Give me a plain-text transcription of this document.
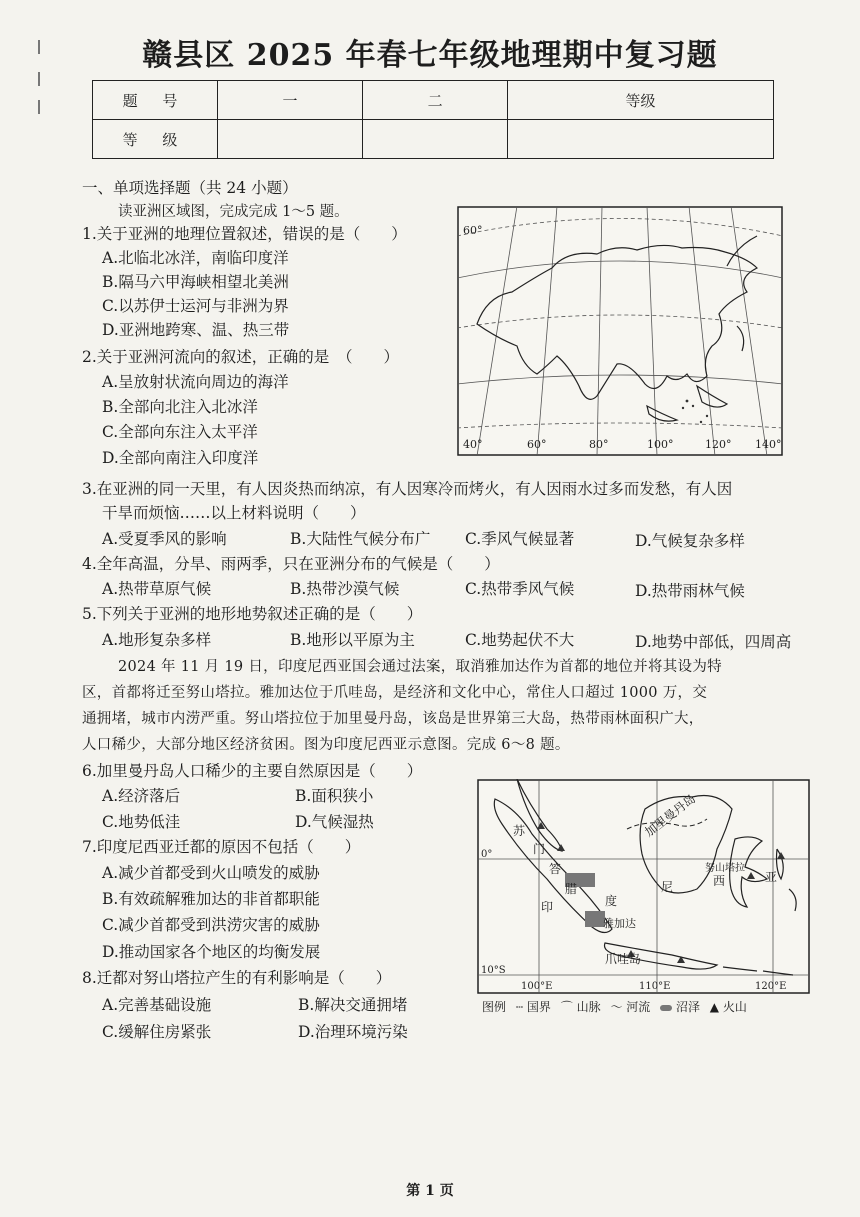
赣县区 2025 年春七年级地理期中复习题
题 号	一	二	等级
等 级			
一、单项选择题（共 24 小题）
读亚洲区域图，完成完成 1～5 题。
1.关于亚洲的地理位置叙述，错误的是（　　）
A.北临北冰洋，南临印度洋
B.隔马六甲海峡相望北美洲
C.以苏伊士运河与非洲为界
D.亚洲地跨寒、温、热三带
2.关于亚洲河流向的叙述，正确的是　（　　）
A.呈放射状流向周边的海洋
B.全部向北注入北冰洋
C.全部向东注入太平洋
D.全部向南注入印度洋
60°
40°	60°	80°	100°	120° 140°
3.在亚洲的同一天里，有人因炎热而纳凉，有人因寒冷而烤火，有人因雨水过多而发愁，有人因
干旱而烦恼……以上材料说明（　　）
A.受夏季风的影响	B.大陆性气候分布广 C.季风气候显著	D.气候复杂多样
4.全年高温，分旱、雨两季，只在亚洲分布的气候是（　　）
A.热带草原气候	B.热带沙漠气候	C.热带季风气候	D.热带雨林气候
5.下列关于亚洲的地形地势叙述正确的是（　　）
A.地形复杂多样	B.地形以平原为主	C.地势起伏不大	D.地势中部低，四周高
2024 年 11 月 19 日，印度尼西亚国会通过法案，取消雅加达作为首都的地位并将其设为特
区，首都将迁至努山塔拉。雅加达位于爪哇岛，是经济和文化中心，常住人口超过 1000 万，交
通拥堵，城市内涝严重。努山塔拉位于加里曼丹岛，该岛是世界第三大岛，热带雨林面积广大，
人口稀少，大部分地区经济贫困。图为印度尼西亚示意图。完成 6～8 题。
6.加里曼丹岛人口稀少的主要自然原因是（　　）
A.经济落后	B.面积狭小
C.地势低洼	D.气候湿热
7.印度尼西亚迁都的原因不包括（　　）
A.减少首都受到火山喷发的威胁
B.有效疏解雅加达的非首都职能
C.减少首都受到洪涝灾害的威胁
D.推动国家各个地区的均衡发展
8.迁都对努山塔拉产生的有利影响是（　　）
A.完善基础设施	B.解决交通拥堵
C.缓解住房紧张	D.治理环境污染
加里曼丹岛
努山塔拉
印	度
尼	西	亚
雅加达
爪哇岛
苏
门
答
腊
0°
10°S
100°E	110°E	120°E
图例 ┄ 国界 ⌒ 山脉 ～ 河流 沼泽 ▲ 火山
第 1 页
